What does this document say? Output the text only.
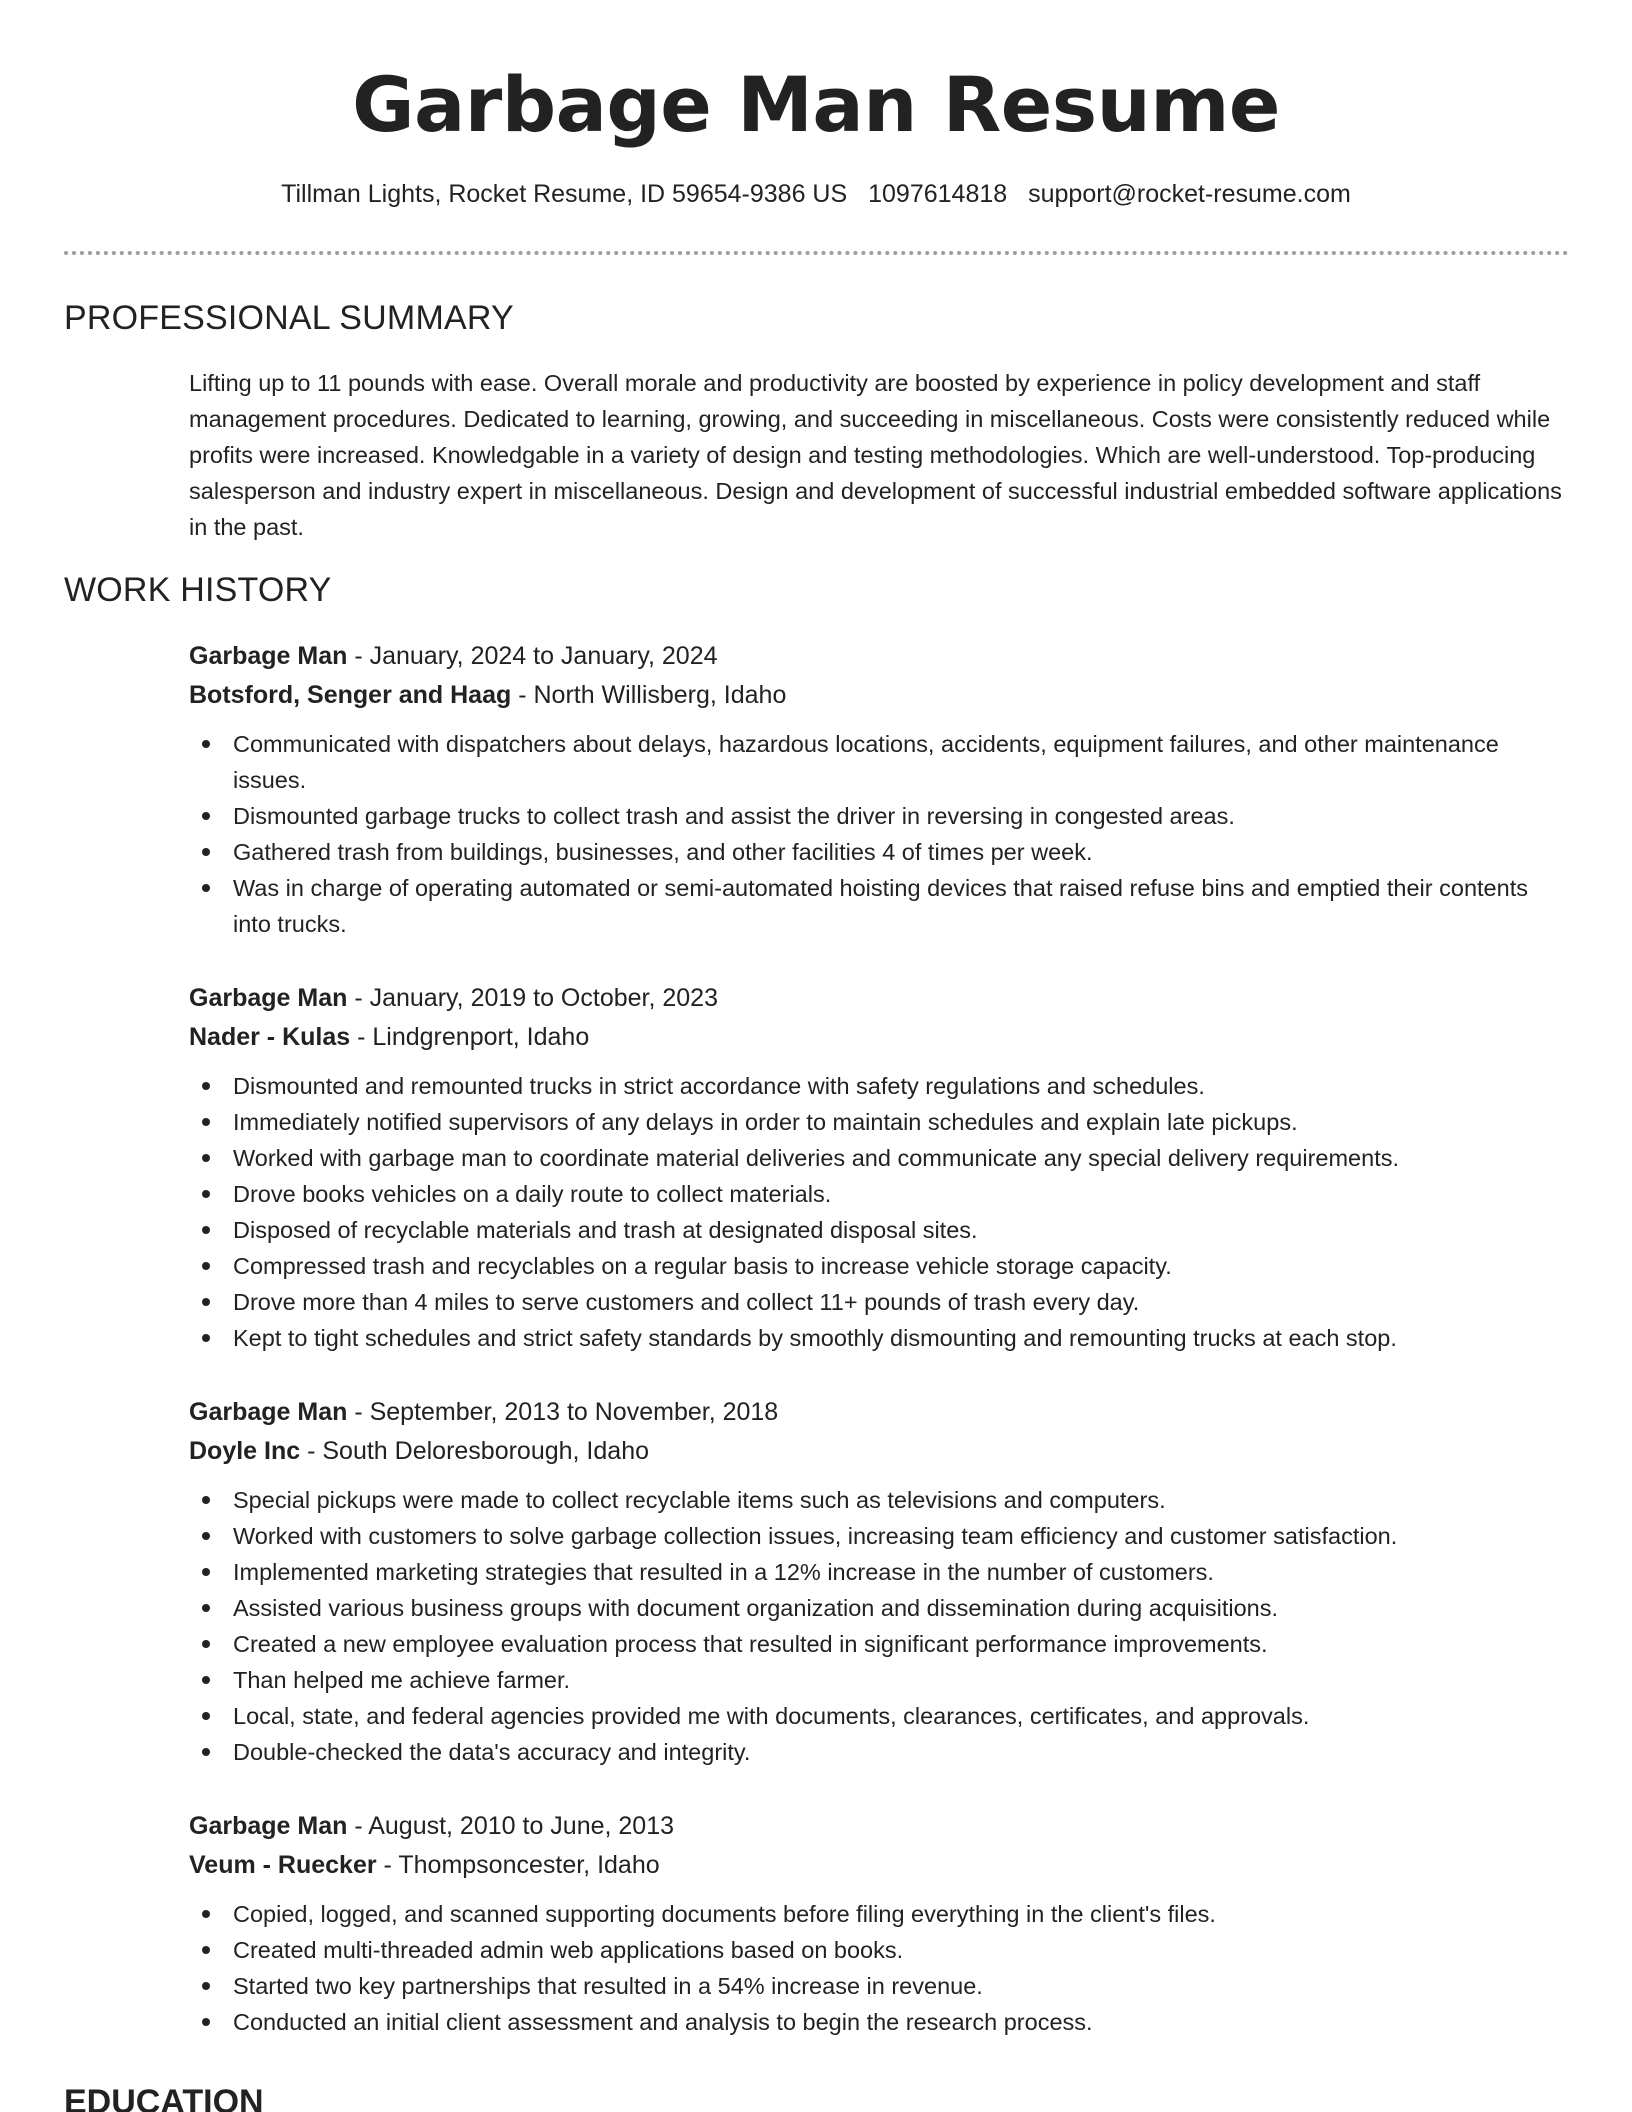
Garbage Man Resume
Tillman Lights, Rocket Resume, ID 59654-9386 US 1097614818 support@rocket-resume.com
PROFESSIONAL SUMMARY

Lifting up to 11 pounds with ease. Overall morale and productivity are boosted by experience in policy development and staff management procedures. Dedicated to learning, growing, and succeeding in miscellaneous. Costs were consistently reduced while profits were increased. Knowledgable in a variety of design and testing methodologies. Which are well-understood. Top-producing salesperson and industry expert in miscellaneous. Design and development of successful industrial embedded software applications in the past.

WORK HISTORY
Garbage Man - January, 2024 to January, 2024
Botsford, Senger and Haag - North Willisberg, Idaho
Communicated with dispatchers about delays, hazardous locations, accidents, equipment failures, and other maintenance issues.
Dismounted garbage trucks to collect trash and assist the driver in reversing in congested areas.
Gathered trash from buildings, businesses, and other facilities 4 of times per week.
Was in charge of operating automated or semi-automated hoisting devices that raised refuse bins and emptied their contents into trucks.
Garbage Man - January, 2019 to October, 2023
Nader - Kulas - Lindgrenport, Idaho
Dismounted and remounted trucks in strict accordance with safety regulations and schedules.
Immediately notified supervisors of any delays in order to maintain schedules and explain late pickups.
Worked with garbage man to coordinate material deliveries and communicate any special delivery requirements.
Drove books vehicles on a daily route to collect materials.
Disposed of recyclable materials and trash at designated disposal sites.
Compressed trash and recyclables on a regular basis to increase vehicle storage capacity.
Drove more than 4 miles to serve customers and collect 11+ pounds of trash every day.
Kept to tight schedules and strict safety standards by smoothly dismounting and remounting trucks at each stop.
Garbage Man - September, 2013 to November, 2018
Doyle Inc - South Deloresborough, Idaho
Special pickups were made to collect recyclable items such as televisions and computers.
Worked with customers to solve garbage collection issues, increasing team efficiency and customer satisfaction.
Implemented marketing strategies that resulted in a 12% increase in the number of customers.
Assisted various business groups with document organization and dissemination during acquisitions.
Created a new employee evaluation process that resulted in significant performance improvements.
Than helped me achieve farmer.
Local, state, and federal agencies provided me with documents, clearances, certificates, and approvals.
Double-checked the data's accuracy and integrity.
Garbage Man - August, 2010 to June, 2013
Veum - Ruecker - Thompsoncester, Idaho
Copied, logged, and scanned supporting documents before filing everything in the client's files.
Created multi-threaded admin web applications based on books.
Started two key partnerships that resulted in a 54% increase in revenue.
Conducted an initial client assessment and analysis to begin the research process.
EDUCATION
